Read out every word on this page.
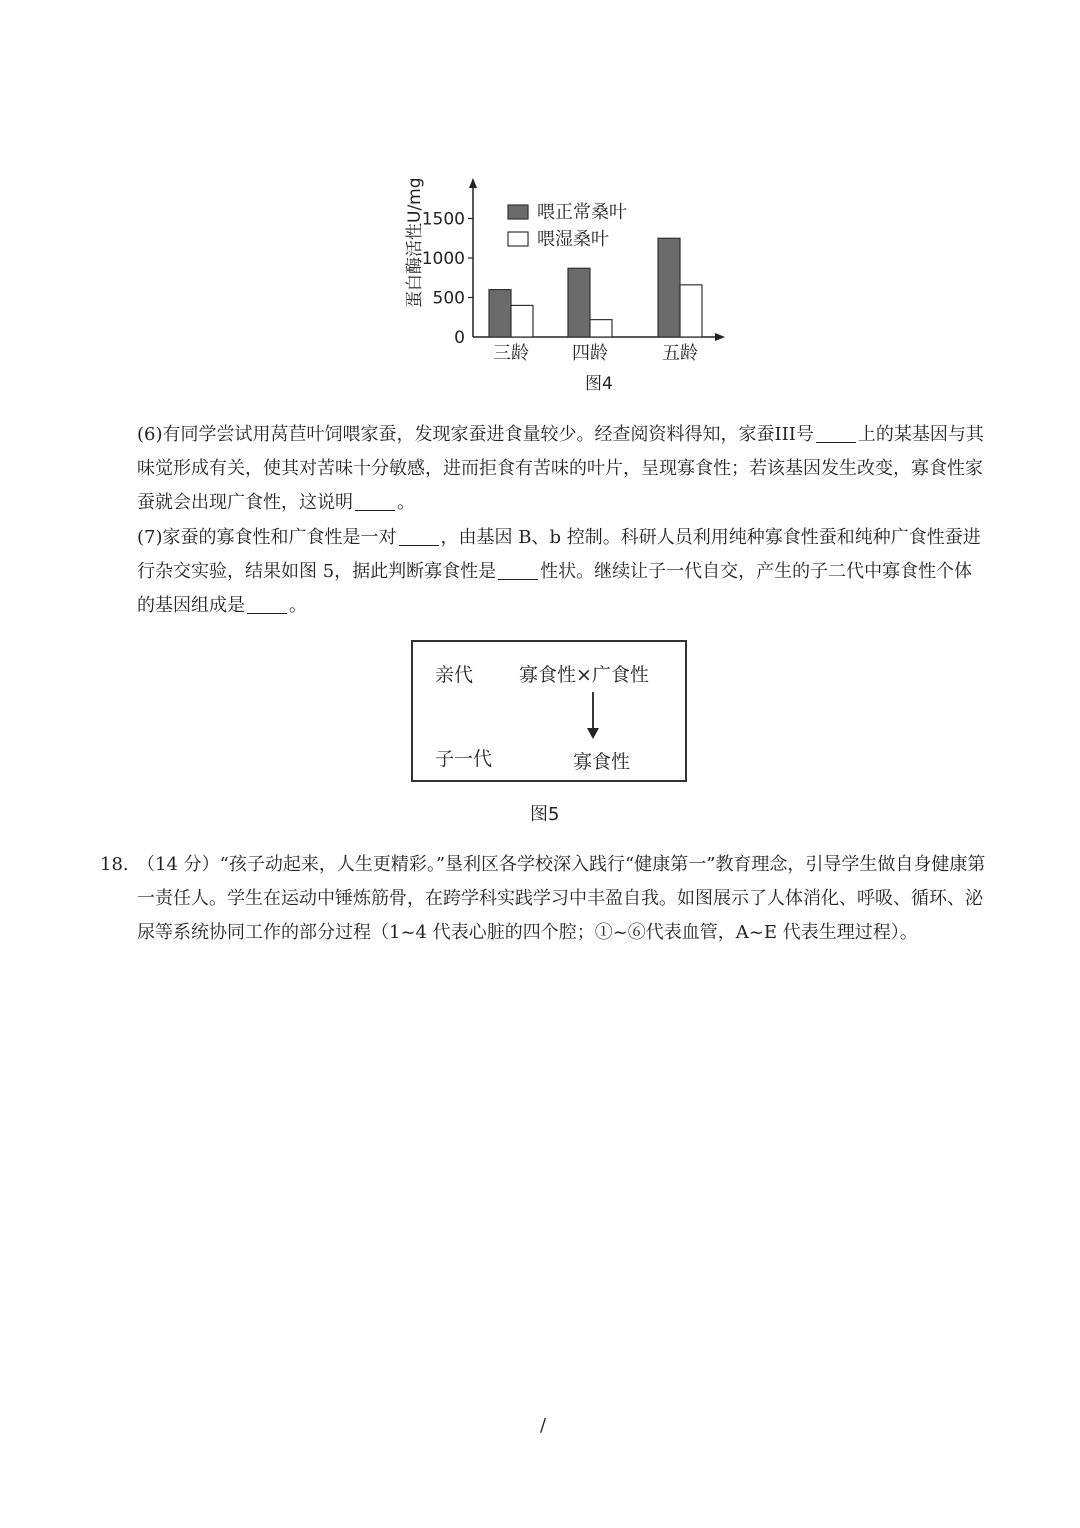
0
500
1000
1500
三龄 四龄	五龄
喂正常桑叶
喂湿桑叶
蛋白酶活性U/mg
图4

(6)有同学尝试用莴苣叶饲喂家蚕，发现家蚕进食量较少。经查阅资料得知，家蚕III号 上的某基因与其味觉形成有关，使其对苦味十分敏感，进而拒食有苦味的叶片，呈现寡食性；若该基因发生改变，寡食性家蚕就会出现广食性，这说明 。

(7)家蚕的寡食性和广食性是一对 ，由基因 B、b 控制。科研人员利用纯种寡食性蚕和纯种广食性蚕进行杂交实验，结果如图 5，据此判断寡食性是 性状。继续让子一代自交，产生的子二代中寡食性个体的基因组成是 。

亲代 寡食性×广食性
子一代	寡食性
图5
18. （14 分）“孩子动起来，人生更精彩。”垦利区各学校深入践行“健康第一”教育理念，引导学生做自身健康第一责任人。学生在运动中锤炼筋骨，在跨学科实践学习中丰盈自我。如图展示了人体消化、呼吸、循环、泌尿等系统协同工作的部分过程（1~4 代表心脏的四个腔；①~⑥代表血管，A~E 代表生理过程）。

/
